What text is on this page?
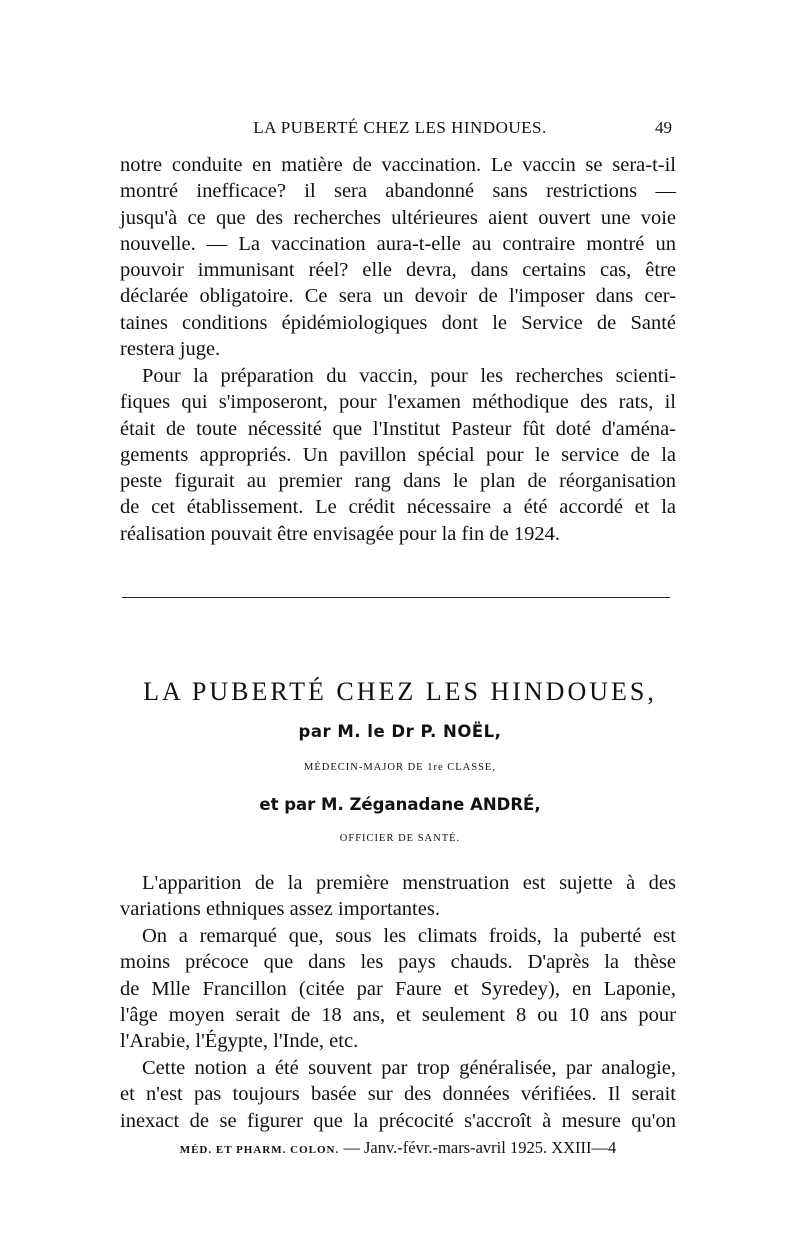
LA PUBERTÉ CHEZ LES HINDOUES.	49

notre conduite en matière de vaccination. Le vaccin se sera-t-il
montré inefficace? il sera abandonné sans restrictions —
jusqu'à ce que des recherches ultérieures aient ouvert une voie
nouvelle. — La vaccination aura-t-elle au contraire montré un
pouvoir immunisant réel? elle devra, dans certains cas, être
déclarée obligatoire. Ce sera un devoir de l'imposer dans cer-
taines conditions épidémiologiques dont le Service de Santé
restera juge.

Pour la préparation du vaccin, pour les recherches scienti-
fiques qui s'imposeront, pour l'examen méthodique des rats, il
était de toute nécessité que l'Institut Pasteur fût doté d'aména-
gements appropriés. Un pavillon spécial pour le service de la
peste figurait au premier rang dans le plan de réorganisation
de cet établissement. Le crédit nécessaire a été accordé et la
réalisation pouvait être envisagée pour la fin de 1924.

LA PUBERTÉ CHEZ LES HINDOUES,
par M. le Dr P. NOËL,
MÉDECIN-MAJOR DE 1re CLASSE,
et par M. Zéganadane ANDRÉ,
OFFICIER DE SANTÉ.

L'apparition de la première menstruation est sujette à des
variations ethniques assez importantes.

On a remarqué que, sous les climats froids, la puberté est
moins précoce que dans les pays chauds. D'après la thèse
de Mlle Francillon (citée par Faure et Syredey), en Laponie,
l'âge moyen serait de 18 ans, et seulement 8 ou 10 ans pour
l'Arabie, l'Égypte, l'Inde, etc.

Cette notion a été souvent par trop généralisée, par analogie,
et n'est pas toujours basée sur des données vérifiées. Il serait
inexact de se figurer que la précocité s'accroît à mesure qu'on

MÉD. ET PHARM. COLON. — Janv.-févr.-mars-avril 1925. XXIII—4
